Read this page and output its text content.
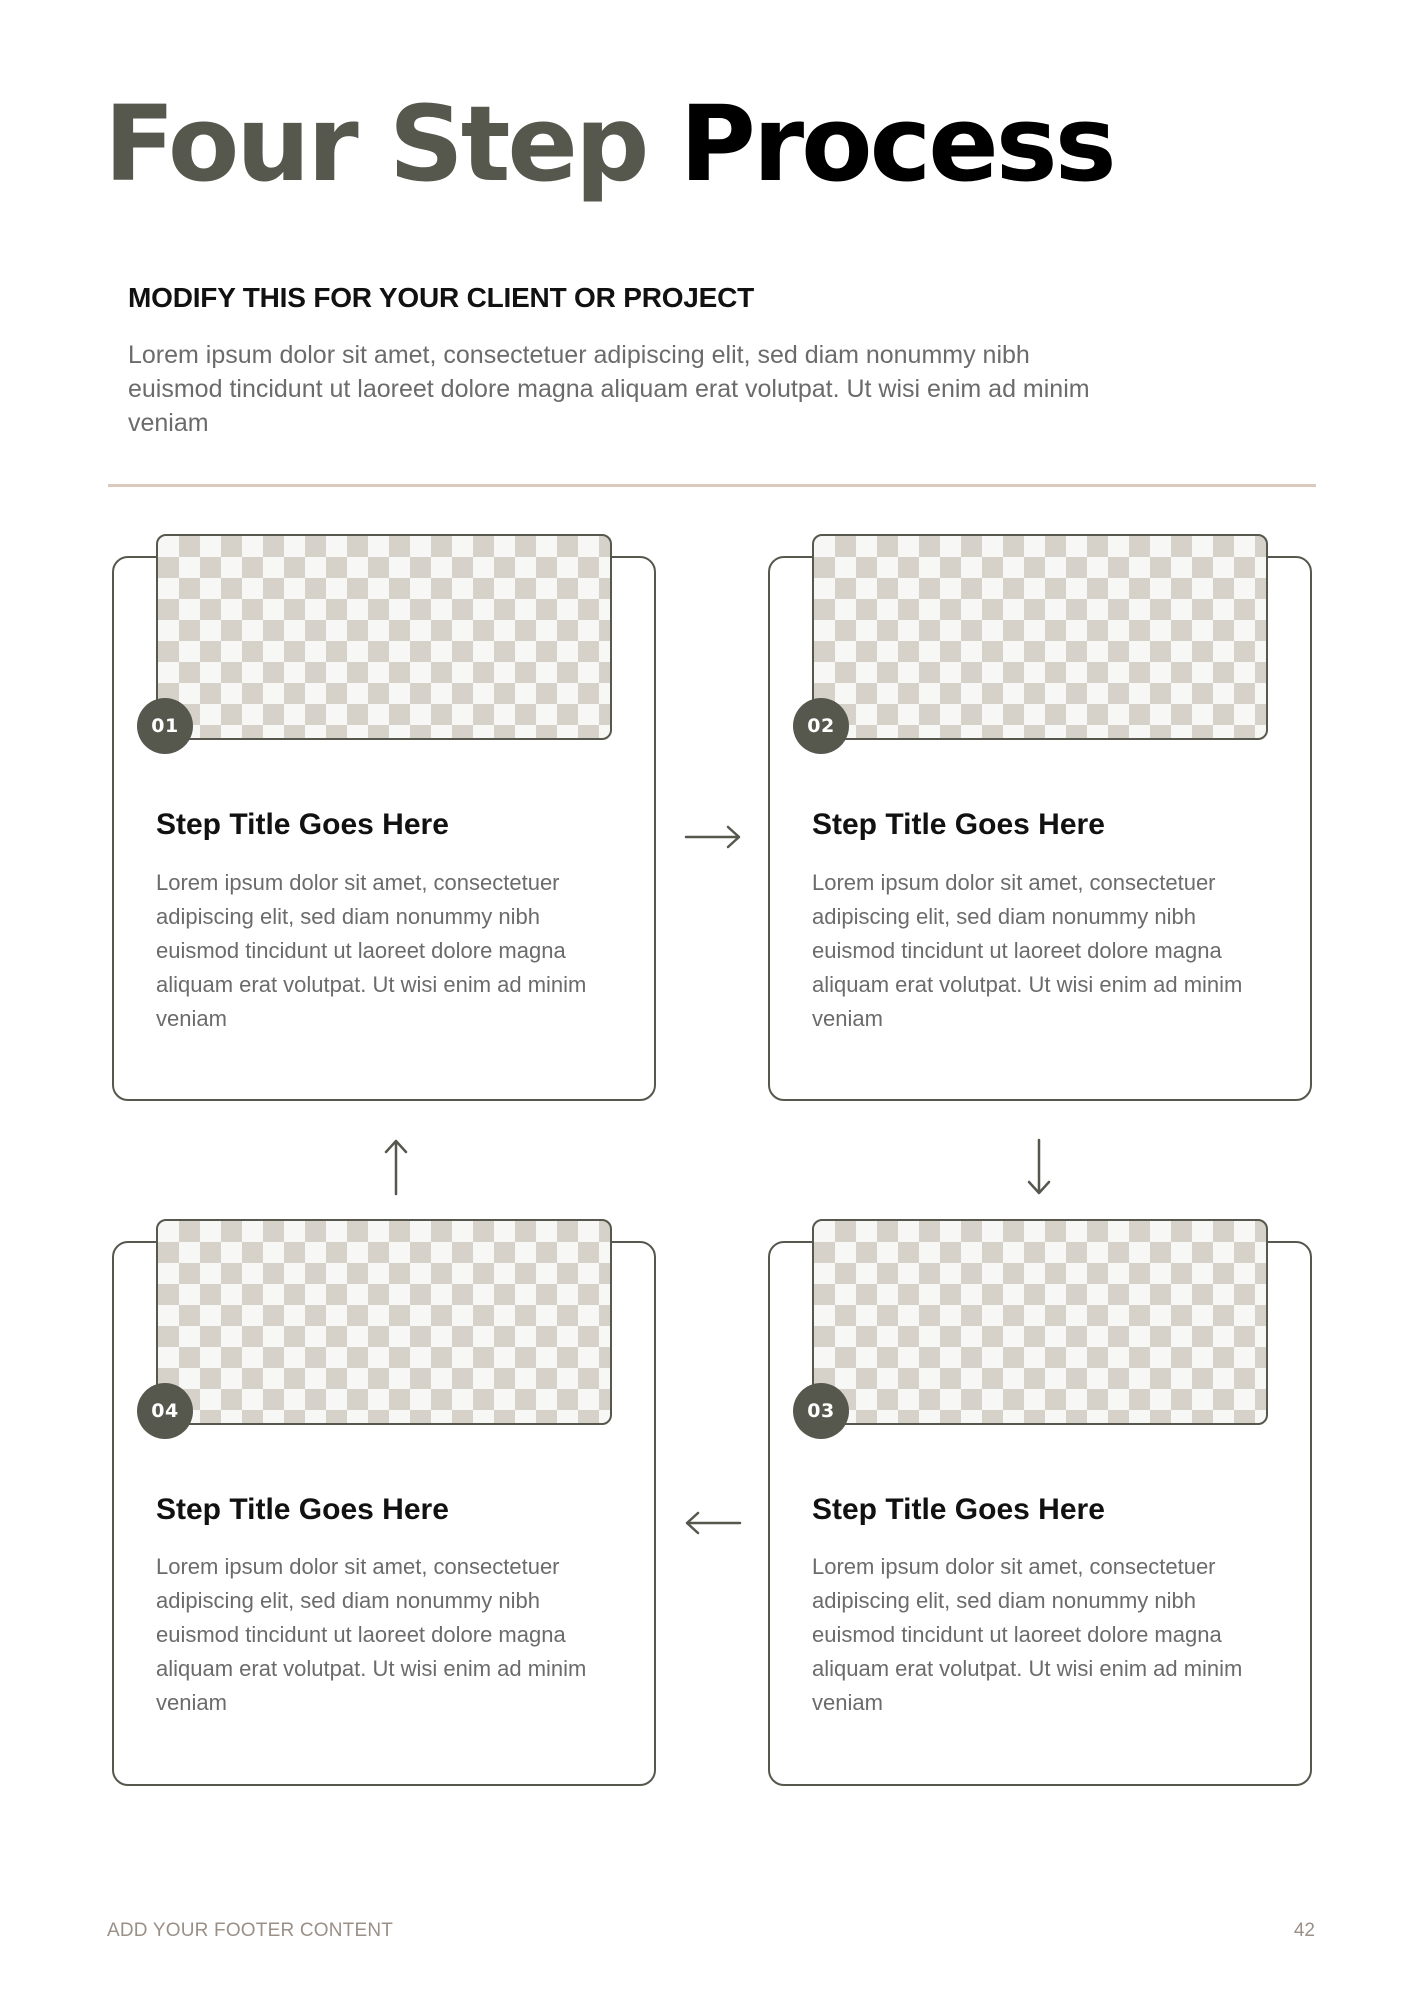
Four Step Process
MODIFY THIS FOR YOUR CLIENT OR PROJECT

Lorem ipsum dolor sit amet, consectetuer adipiscing elit, sed diam nonummy nibh euismod tincidunt ut laoreet dolore magna aliquam erat volutpat. Ut wisi enim ad minim veniam

01
Step Title Goes Here

Lorem ipsum dolor sit amet, consectetuer adipiscing elit, sed diam nonummy nibh euismod tincidunt ut laoreet dolore magna aliquam erat volutpat. Ut wisi enim ad minim veniam

02
Step Title Goes Here

Lorem ipsum dolor sit amet, consectetuer adipiscing elit, sed diam nonummy nibh euismod tincidunt ut laoreet dolore magna aliquam erat volutpat. Ut wisi enim ad minim veniam

04
Step Title Goes Here

Lorem ipsum dolor sit amet, consectetuer adipiscing elit, sed diam nonummy nibh euismod tincidunt ut laoreet dolore magna aliquam erat volutpat. Ut wisi enim ad minim veniam

03
Step Title Goes Here

Lorem ipsum dolor sit amet, consectetuer adipiscing elit, sed diam nonummy nibh euismod tincidunt ut laoreet dolore magna aliquam erat volutpat. Ut wisi enim ad minim veniam

ADD YOUR FOOTER CONTENT	42
